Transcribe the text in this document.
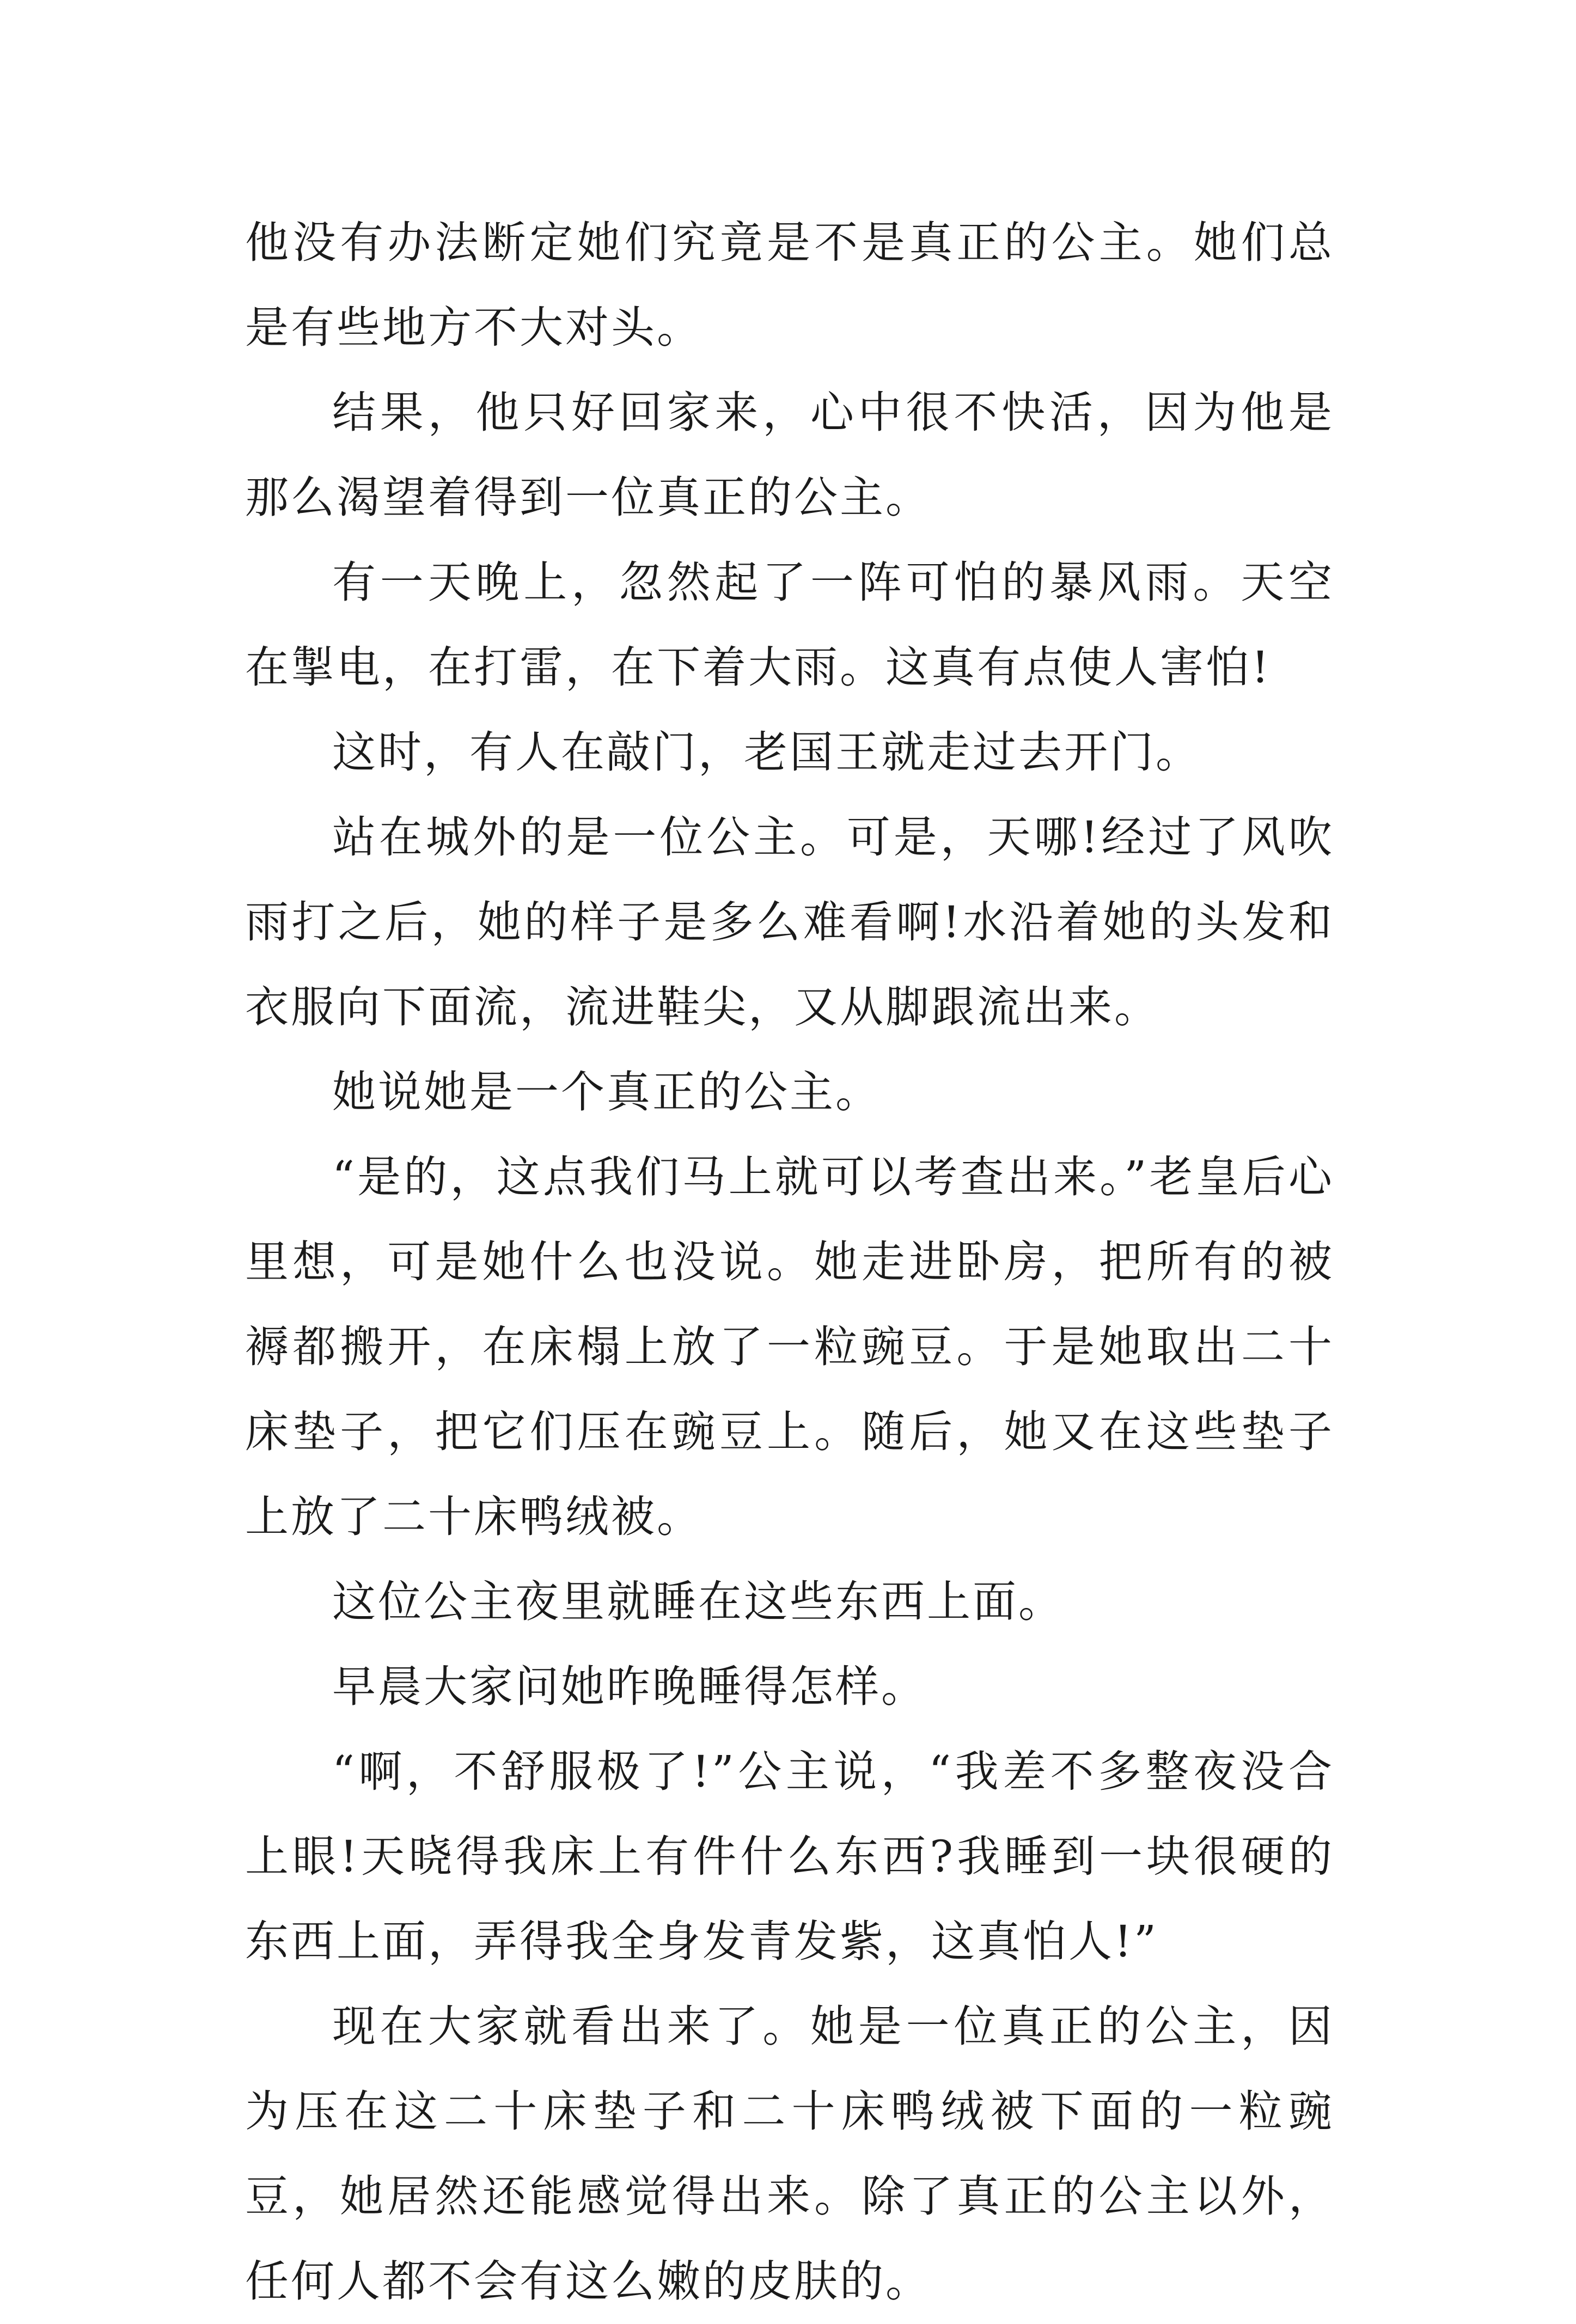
他没有办法断定她们究竟是不是真正的公主。她们总是有些地方不大对头。

结果，他只好回家来，心中很不快活，因为他是那么渴望着得到一位真正的公主。

有一天晚上，忽然起了一阵可怕的暴风雨。天空在掣电，在打雷，在下着大雨。这真有点使人害怕!

这时，有人在敲门，老国王就走过去开门。

站在城外的是一位公主。可是，天哪!经过了风吹雨打之后，她的样子是多么难看啊!水沿着她的头发和衣服向下面流，流进鞋尖，又从脚跟流出来。

她说她是一个真正的公主。

“是的，这点我们马上就可以考查出来。”老皇后心里想，可是她什么也没说。她走进卧房，把所有的被褥都搬开，在床榻上放了一粒豌豆。于是她取出二十床垫子，把它们压在豌豆上。随后，她又在这些垫子上放了二十床鸭绒被。

这位公主夜里就睡在这些东西上面。

早晨大家问她昨晚睡得怎样。

“啊，不舒服极了!”公主说，“我差不多整夜没合上眼!天晓得我床上有件什么东西?我睡到一块很硬的东西上面，弄得我全身发青发紫，这真怕人!”

现在大家就看出来了。她是一位真正的公主，因为压在这二十床垫子和二十床鸭绒被下面的一粒豌豆，她居然还能感觉得出来。除了真正的公主以外，任何人都不会有这么嫩的皮肤的。
